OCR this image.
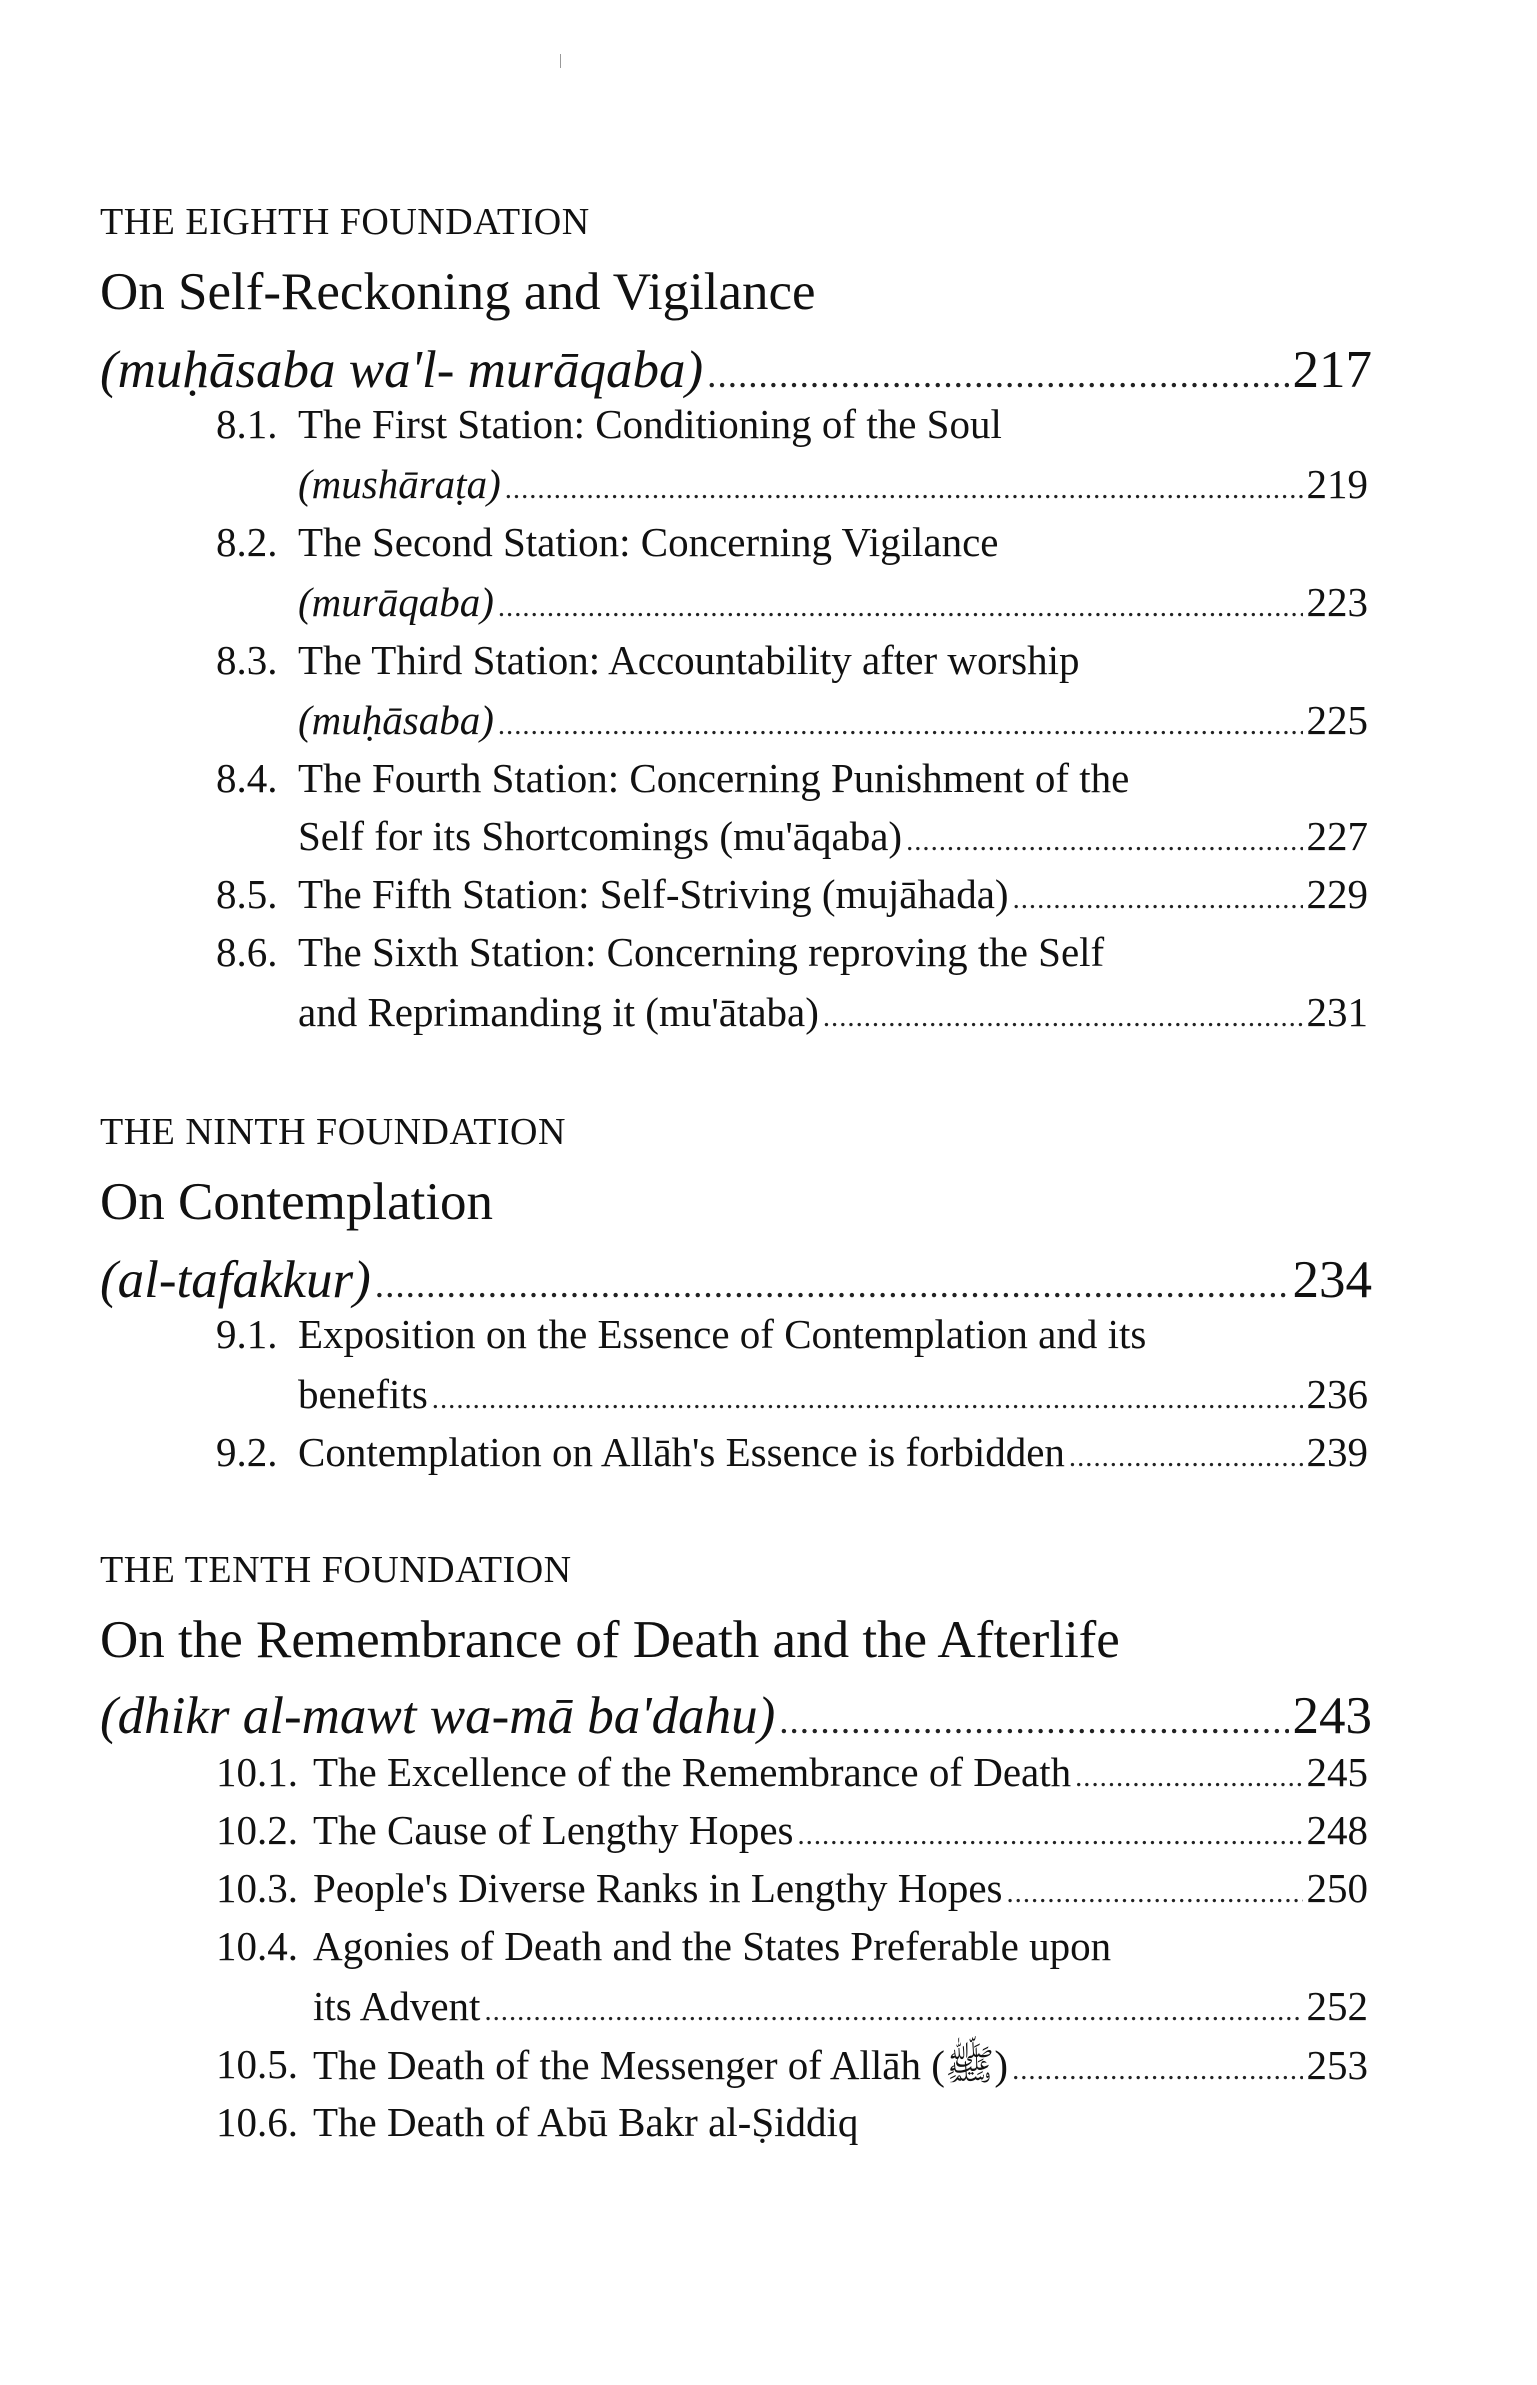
THE EIGHTH FOUNDATION
On Self-Reckoning and Vigilance
(muḥāsaba wa'l- murāqaba) .....	217
8.1. The First Station: Conditioning of the Soul
(mushāraṭa) .....	219
8.2. The Second Station: Concerning Vigilance
(murāqaba) .....	223
8.3. The Third Station: Accountability after worship
(muḥāsaba) .....	225
8.4. The Fourth Station: Concerning Punishment of the
Self for its Shortcomings (mu'āqaba) .....	227
8.5. The Fifth Station: Self-Striving (mujāhada) .....	229
8.6. The Sixth Station: Concerning reproving the Self
and Reprimanding it (mu'ātaba) .....	231
THE NINTH FOUNDATION
On Contemplation
(al-tafakkur) .....	234
9.1. Exposition on the Essence of Contemplation and its
benefits .....	236
9.2. Contemplation on Allāh's Essence is forbidden .....	239
THE TENTH FOUNDATION
On the Remembrance of Death and the Afterlife
(dhikr al-mawt wa-mā ba'dahu) .....	243
10.1. The Excellence of the Remembrance of Death .....	245
10.2. The Cause of Lengthy Hopes .....	248
10.3. People's Diverse Ranks in Lengthy Hopes .....	250
10.4. Agonies of Death and the States Preferable upon
its Advent .....	252
10.5. The Death of the Messenger of Allāh (ﷺ) .....	253
10.6. The Death of Abū Bakr al-Ṣiddiq
